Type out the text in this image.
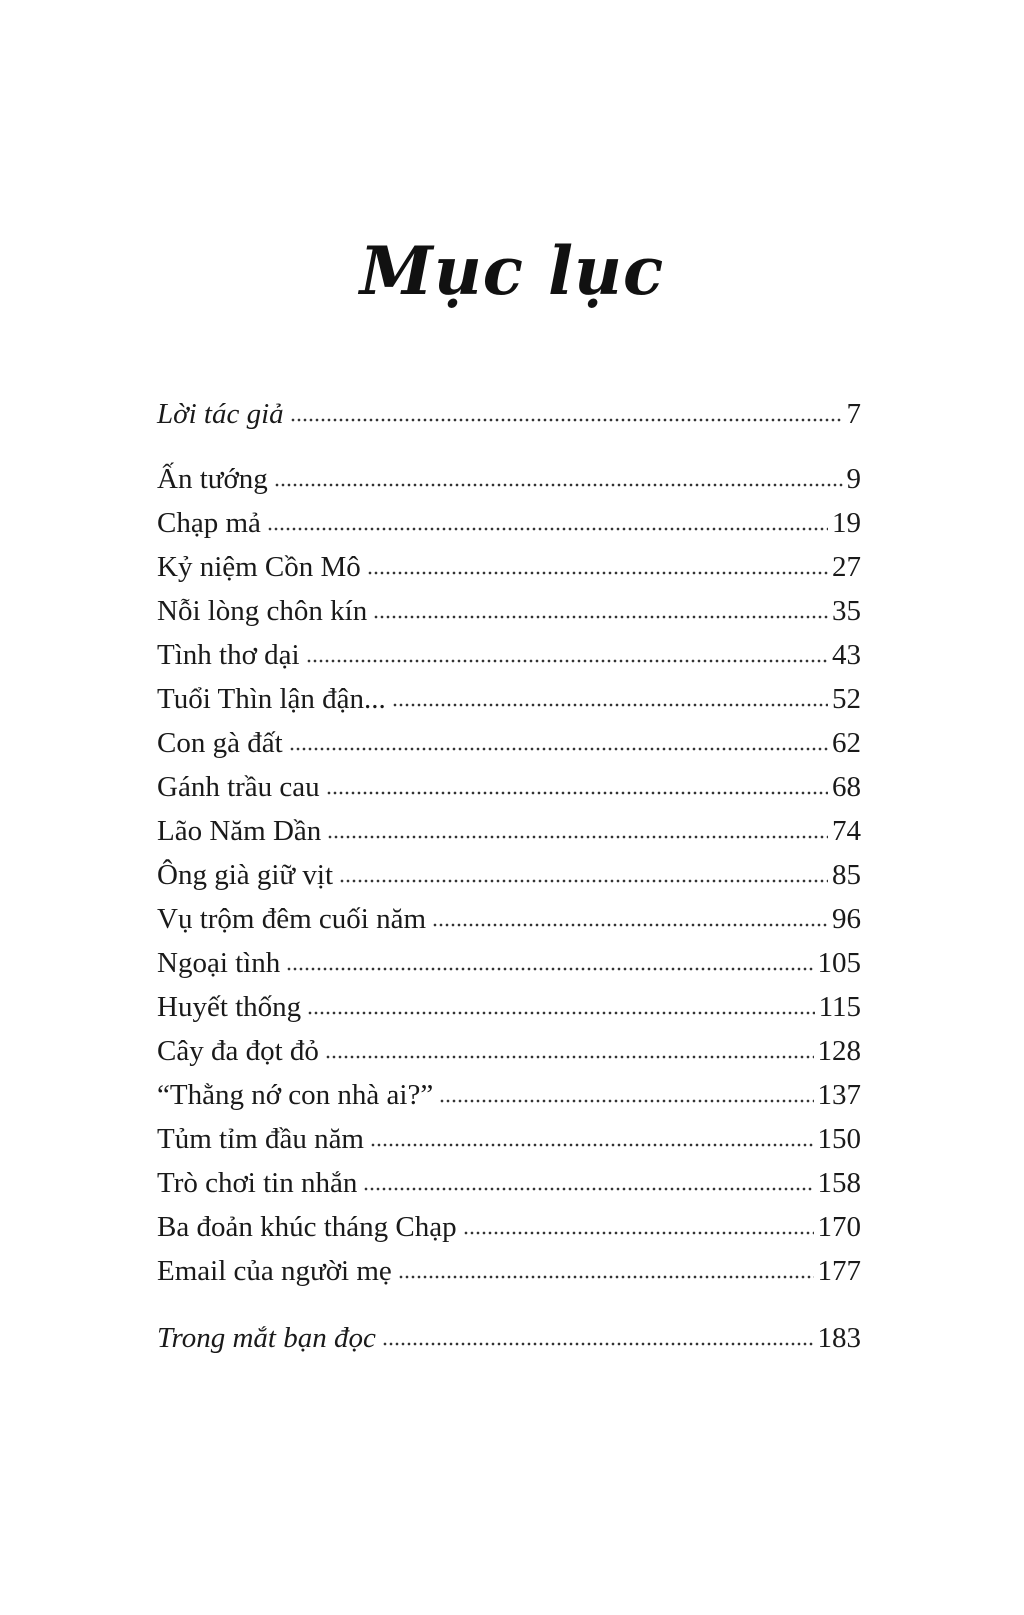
Mục lục
Lời tác giả	7
Ấn tướng	9
Chạp mả	19
Kỷ niệm Cồn Mô	27
Nỗi lòng chôn kín	35
Tình thơ dại	43
Tuổi Thìn lận đận...	52
Con gà đất	62
Gánh trầu cau	68
Lão Năm Dần	74
Ông già giữ vịt	85
Vụ trộm đêm cuối năm	96
Ngoại tình	105
Huyết thống	115
Cây đa đọt đỏ	128
“Thằng nớ con nhà ai?”	137
Tủm tỉm đầu năm	150
Trò chơi tin nhắn	158
Ba đoản khúc tháng Chạp	170
Email của người mẹ	177
Trong mắt bạn đọc	183
